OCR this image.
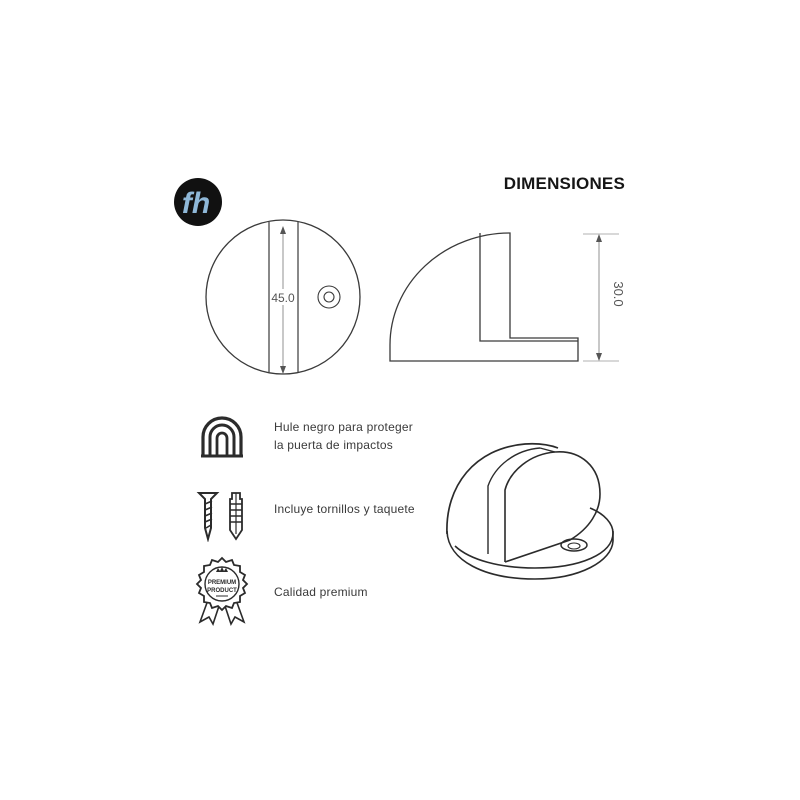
fh
DIMENSIONES
45.0	30.0
PREMIUM
PRODUCT
Hule negro para proteger
la puerta de impactos
Incluye tornillos y taquete
Calidad premium
